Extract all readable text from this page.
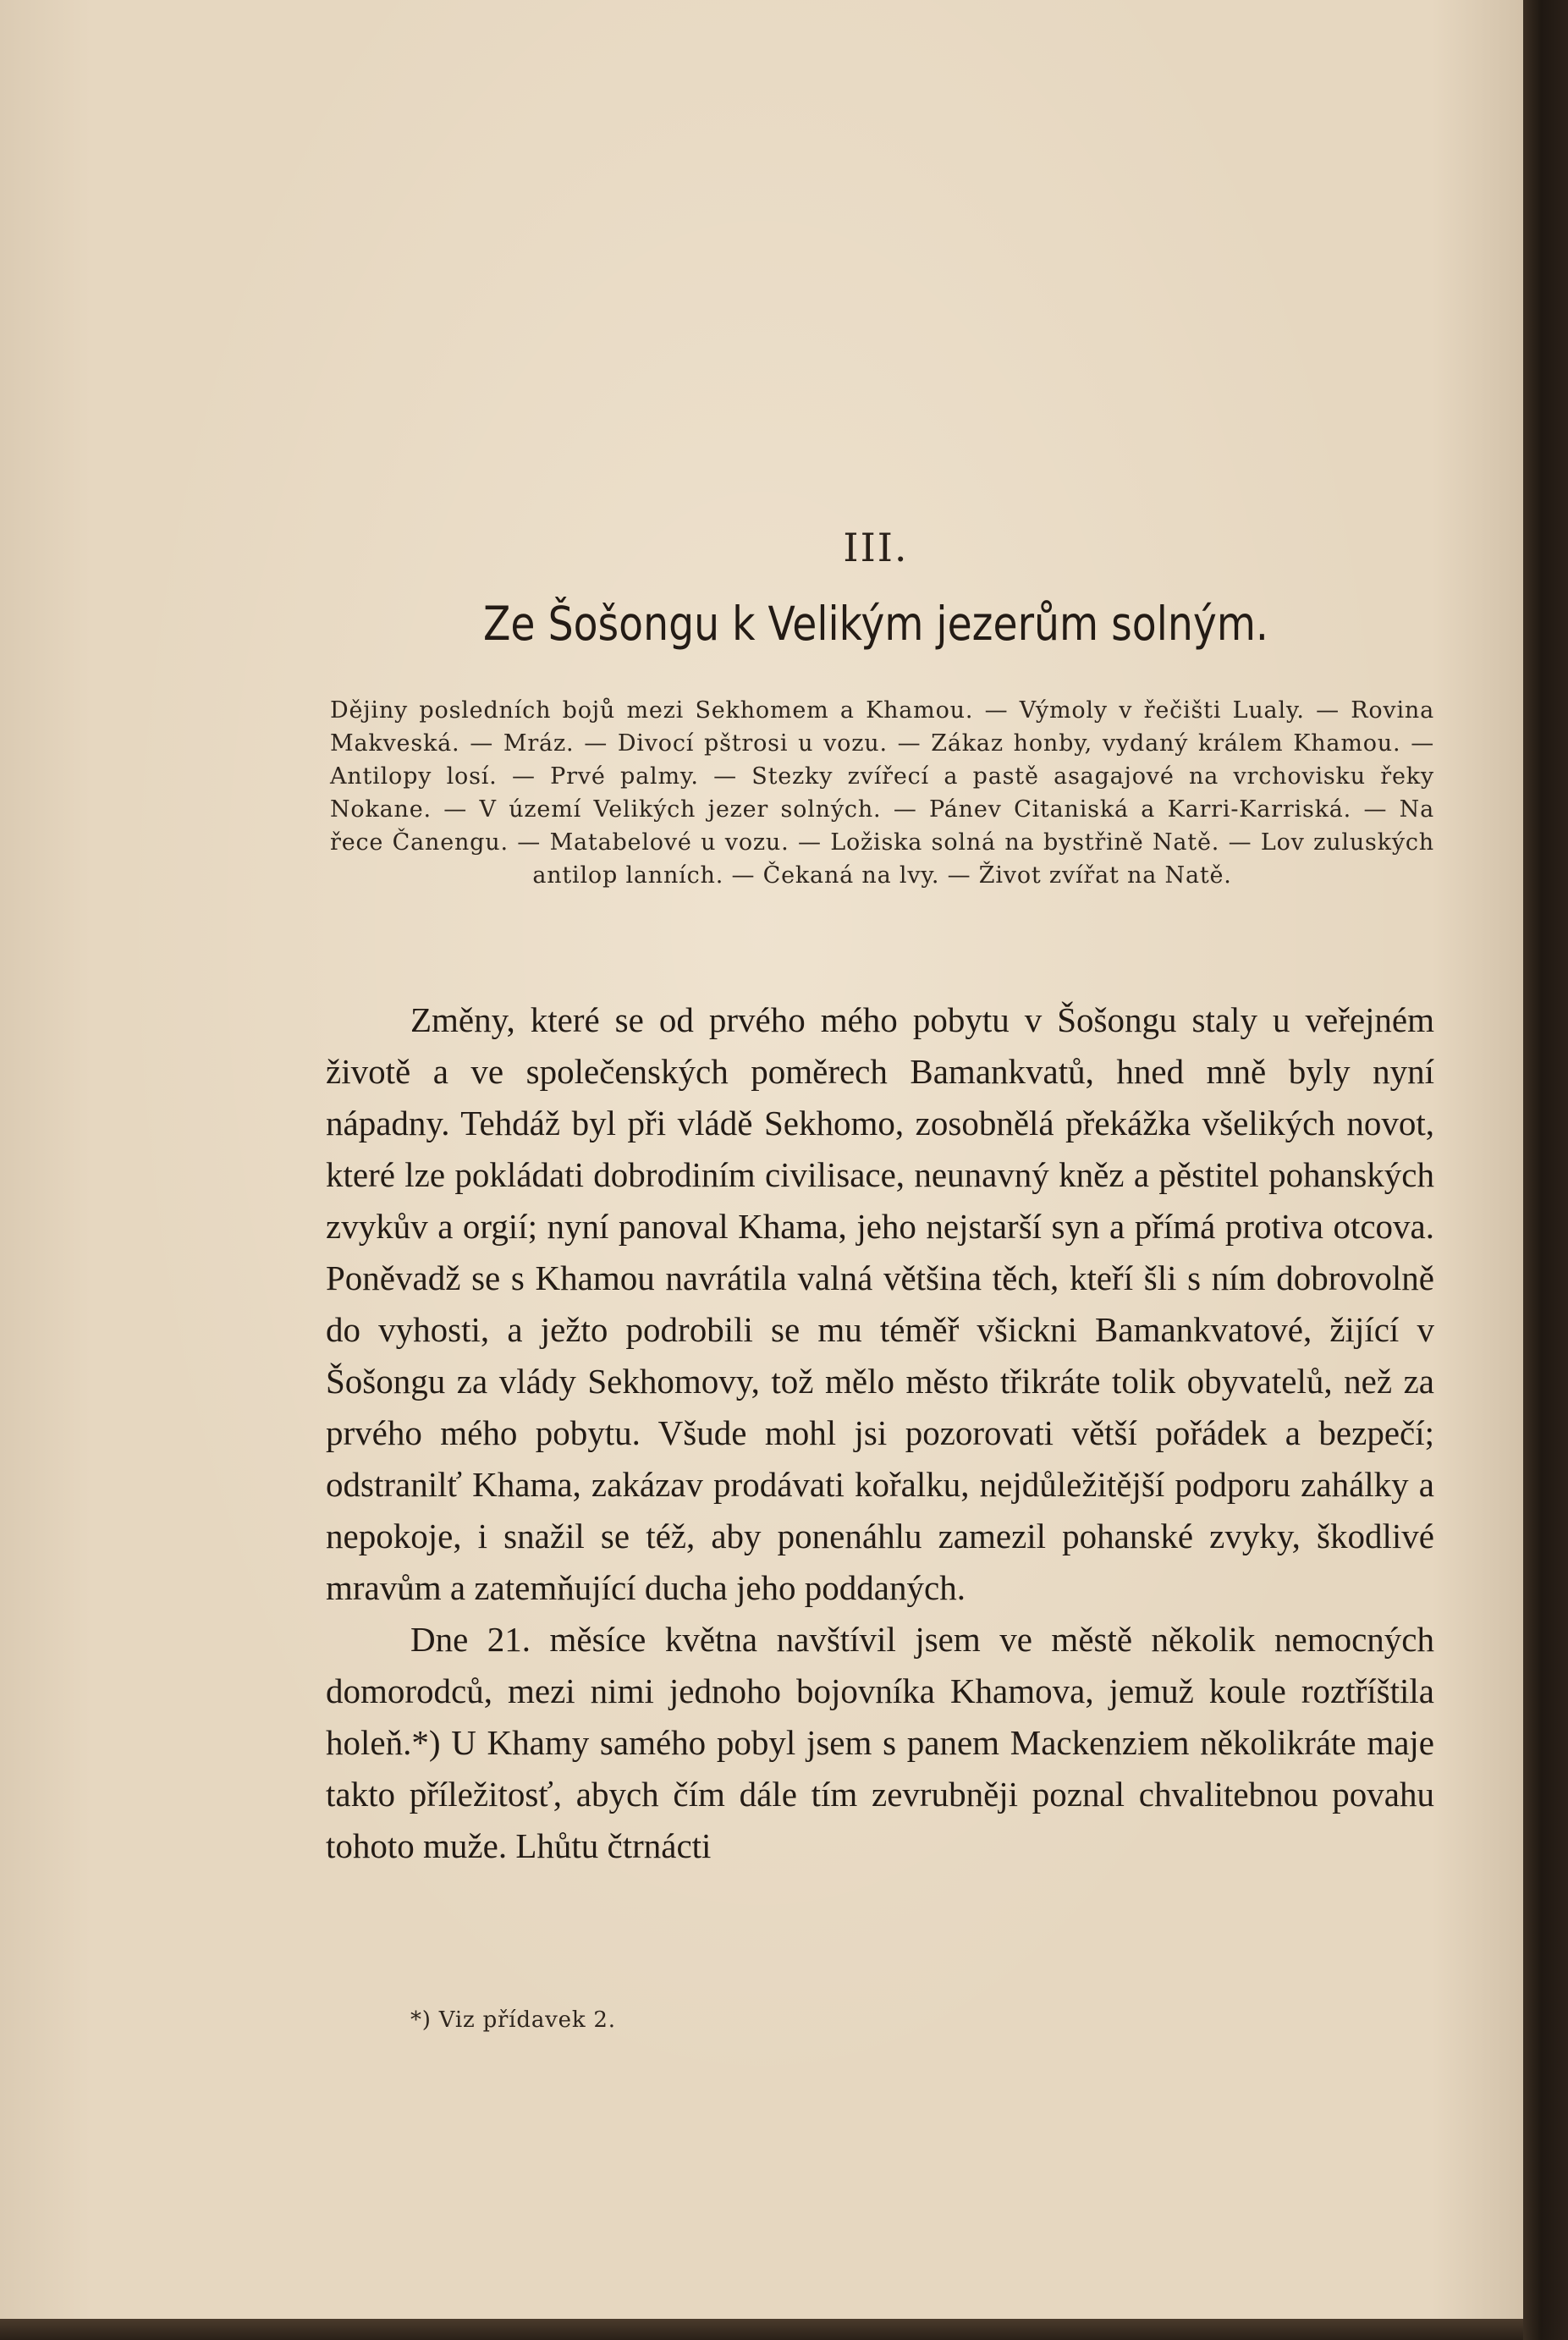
III.
Ze Šošongu k Velikým jezerům solným.
Dějiny posledních bojů mezi Sekhomem a Khamou. — Výmoly v řečišti Lualy. — Rovina Makveská. — Mráz. — Divocí pštrosi u vozu. — Zákaz honby, vydaný králem Khamou. — Antilopy losí. — Prvé palmy. — Stezky zvířecí a pastě asagajové na vrchovisku řeky Nokane. — V území Velikých jezer solných. — Pánev Citaniská a Karri-Karriská. — Na řece Čanengu. — Matabelové u vozu. — Ložiska solná na bystřině Natě. — Lov zuluských antilop lanních. — Čekaná na lvy. — Život zvířat na Natě.

Změny, které se od prvého mého pobytu v Šošongu staly u veřejném životě a ve společenských poměrech Bamankvatů, hned mně byly nyní nápadny. Tehdáž byl při vládě Sekhomo, zosobnělá překážka všelikých novot, které lze pokládati dobrodiním civilisace, neunavný kněz a pěstitel pohanských zvykův a orgií; nyní panoval Khama, jeho nejstarší syn a přímá protiva otcova. Poněvadž se s Khamou navrátila valná většina těch, kteří šli s ním dobrovolně do vyhosti, a ježto podrobili se mu téměř všickni Bamankvatové, žijící v Šošongu za vlády Sekhomovy, tož mělo město třikráte tolik obyvatelů, než za prvého mého pobytu. Všude mohl jsi pozorovati větší pořádek a bezpečí; odstranilť Khama, zakázav prodávati kořalku, nejdůležitější podporu zahálky a nepokoje, i snažil se též, aby ponenáhlu zamezil pohanské zvyky, škodlivé mravům a zatemňující ducha jeho poddaných.

Dne 21. měsíce května navštívil jsem ve městě několik nemocných domorodců, mezi nimi jednoho bojovníka Khamova, jemuž koule roztříštila holeň.*) U Khamy samého pobyl jsem s panem Mackenziem několikráte maje takto příležitosť, abych čím dále tím zevrubněji poznal chvalitebnou povahu tohoto muže. Lhůtu čtrnácti

*) Viz přídavek 2.
